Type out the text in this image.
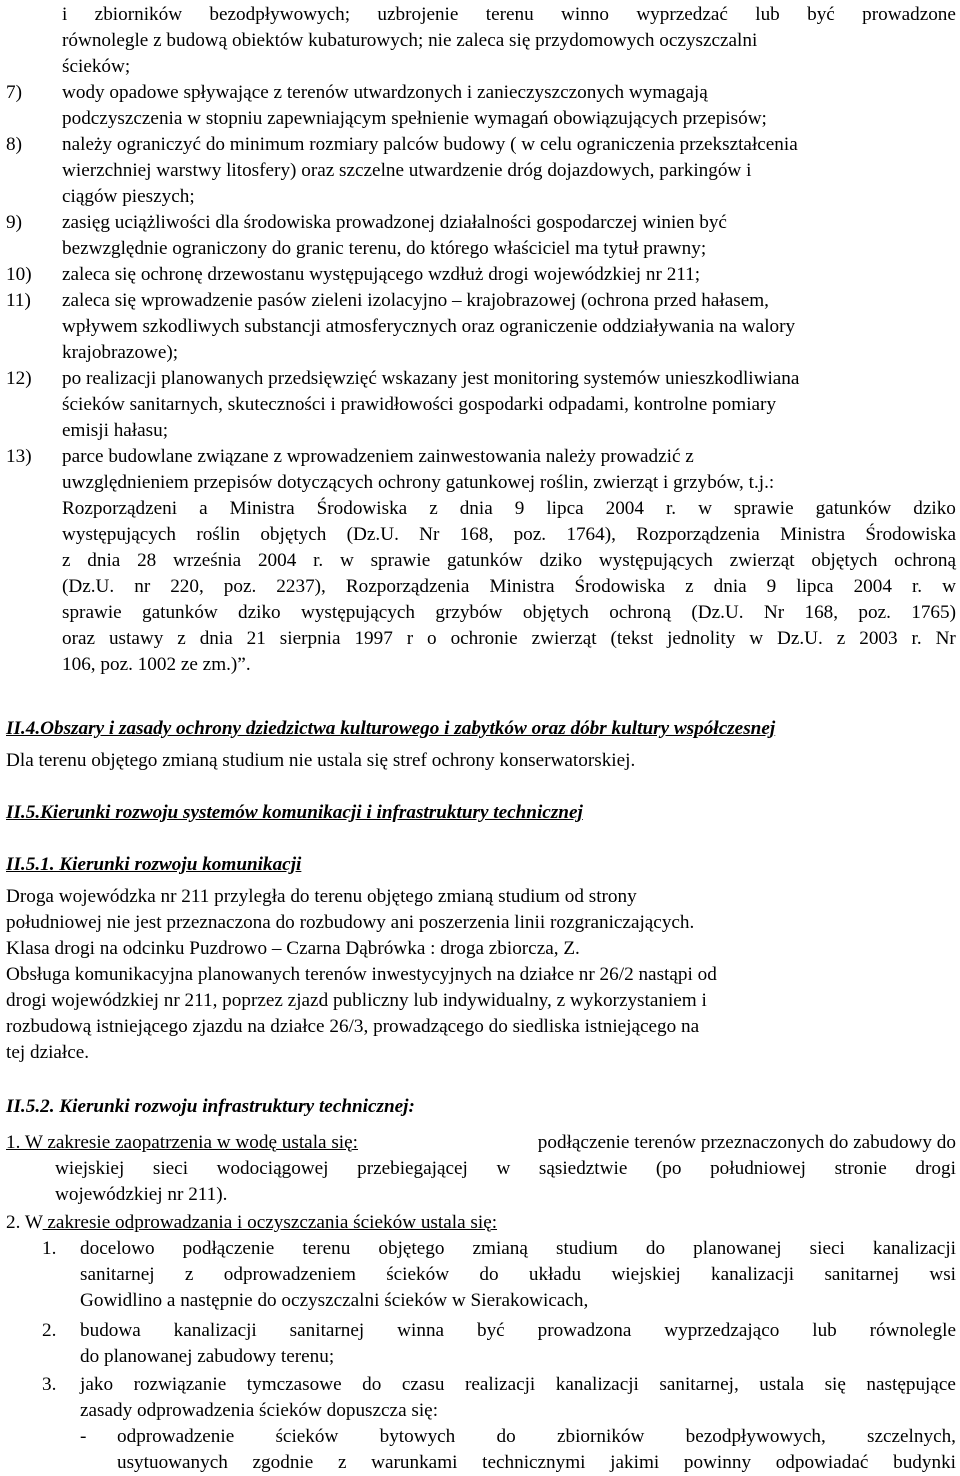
i zbiorników bezodpływowych; uzbrojenie terenu winno wyprzedzać lub być prowadzone
równolegle z budową obiektów kubaturowych; nie zaleca się przydomowych oczyszczalni
ścieków;
7) wody opadowe spływające z terenów utwardzonych i zanieczyszczonych wymagają
podczyszczenia w stopniu zapewniającym spełnienie wymagań obowiązujących przepisów;
8) należy ograniczyć do minimum rozmiary palców budowy ( w celu ograniczenia przekształcenia
wierzchniej warstwy litosfery) oraz szczelne utwardzenie dróg dojazdowych, parkingów i
ciągów pieszych;
9) zasięg uciążliwości dla środowiska prowadzonej działalności gospodarczej winien być
bezwzględnie ograniczony do granic terenu, do którego właściciel ma tytuł prawny;
10) zaleca się ochronę drzewostanu występującego wzdłuż drogi wojewódzkiej nr 211;
11) zaleca się wprowadzenie pasów zieleni izolacyjno – krajobrazowej (ochrona przed hałasem,
wpływem szkodliwych substancji atmosferycznych oraz ograniczenie oddziaływania na walory
krajobrazowe);
12) po realizacji planowanych przedsięwzięć wskazany jest monitoring systemów unieszkodliwiana
ścieków sanitarnych, skuteczności i prawidłowości gospodarki odpadami, kontrolne pomiary
emisji hałasu;
13) parce budowlane związane z wprowadzeniem zainwestowania należy prowadzić z
uwzględnieniem przepisów dotyczących ochrony gatunkowej roślin, zwierząt i grzybów, t.j.:
Rozporządzeni a Ministra Środowiska z dnia 9 lipca 2004 r. w sprawie gatunków dziko
występujących roślin objętych (Dz.U. Nr 168, poz. 1764), Rozporządzenia Ministra Środowiska
z dnia 28 września 2004 r. w sprawie gatunków dziko występujących zwierząt objętych ochroną
(Dz.U. nr 220, poz. 2237), Rozporządzenia Ministra Środowiska z dnia 9 lipca 2004 r. w
sprawie gatunków dziko występujących grzybów objętych ochroną (Dz.U. Nr 168, poz. 1765)
oraz ustawy z dnia 21 sierpnia 1997 r o ochronie zwierząt (tekst jednolity w Dz.U. z 2003 r. Nr
106, poz. 1002 ze zm.)”.
II.4.Obszary i zasady ochrony dziedzictwa kulturowego i zabytków oraz dóbr kultury współczesnej
Dla terenu objętego zmianą studium nie ustala się stref ochrony konserwatorskiej.
II.5.Kierunki rozwoju systemów komunikacji i infrastruktury technicznej
II.5.1. Kierunki rozwoju komunikacji
Droga wojewódzka nr 211 przyległa do terenu objętego zmianą studium od strony
południowej nie jest przeznaczona do rozbudowy ani poszerzenia linii rozgraniczających.
Klasa drogi na odcinku Puzdrowo – Czarna Dąbrówka : droga zbiorcza, Z.
Obsługa komunikacyjna planowanych terenów inwestycyjnych na działce nr 26/2 nastąpi od
drogi wojewódzkiej nr 211, poprzez zjazd publiczny lub indywidualny, z wykorzystaniem i
rozbudową istniejącego zjazdu na działce 26/3, prowadzącego do siedliska istniejącego na
tej działce.
II.5.2. Kierunki rozwoju infrastruktury technicznej:
1. W zakresie zaopatrzenia w wodę ustala się:	podłączenie terenów przeznaczonych do zabudowy do
wiejskiej sieci wodociągowej przebiegającej w sąsiedztwie (po południowej stronie drogi
wojewódzkiej nr 211).
2. W zakresie odprowadzania i oczyszczania ścieków ustala się:
1. docelowo podłączenie terenu objętego zmianą studium do planowanej sieci kanalizacji
sanitarnej z odprowadzeniem ścieków do układu wiejskiej kanalizacji sanitarnej wsi
Gowidlino a następnie do oczyszczalni ścieków w Sierakowicach,
2. budowa kanalizacji sanitarnej winna być prowadzona wyprzedzająco lub równolegle
do planowanej zabudowy terenu;
3. jako rozwiązanie tymczasowe do czasu realizacji kanalizacji sanitarnej, ustala się następujące
zasady odprowadzenia ścieków dopuszcza się:
- odprowadzenie ścieków bytowych do zbiorników bezodpływowych, szczelnych,
usytuowanych zgodnie z warunkami technicznymi jakimi powinny odpowiadać budynki
